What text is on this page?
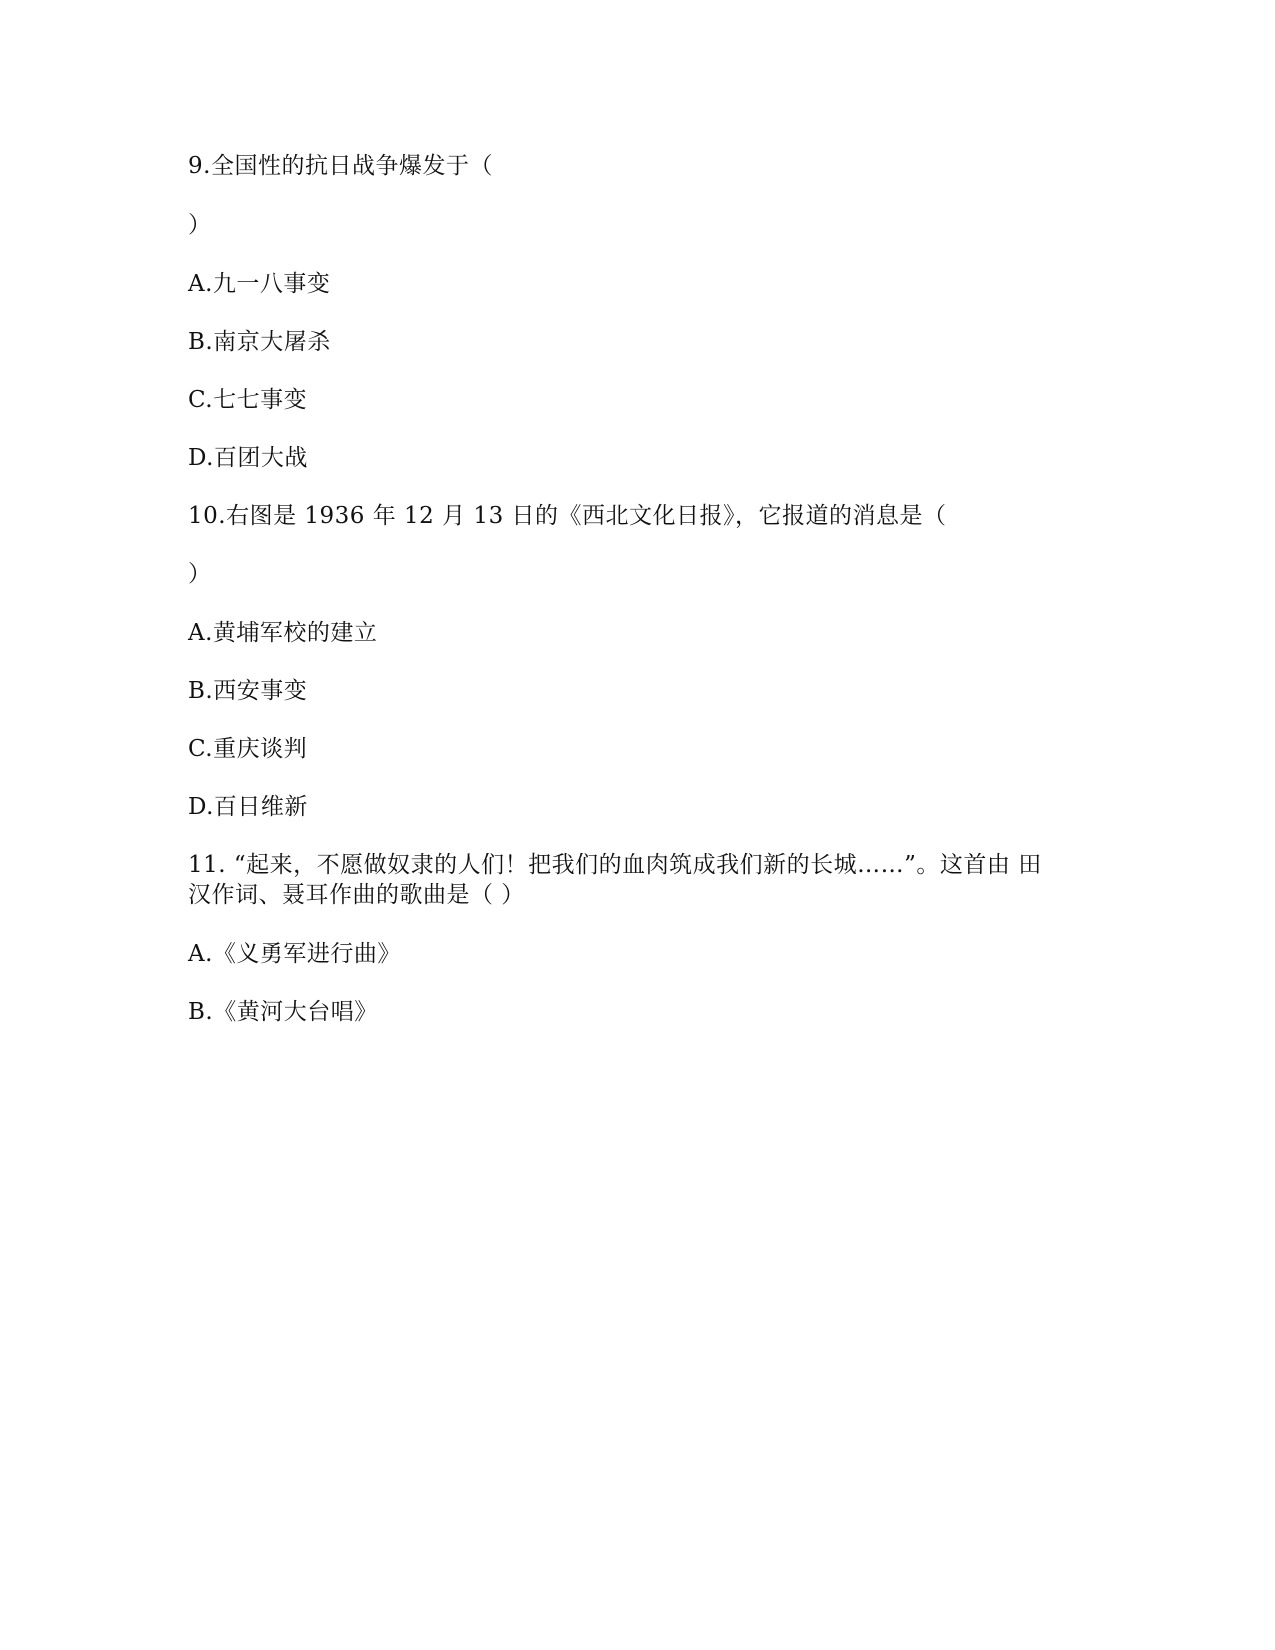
9.全国性的抗日战争爆发于（
）
A.九一八事变
B.南京大屠杀
C.七七事变
D.百团大战
10.右图是 1936 年 12 月 13 日的《西北文化日报》，它报道的消息是（
）
A.黄埔军校的建立
B.西安事变
C.重庆谈判
D.百日维新
11. “起来，不愿做奴隶的人们！把我们的血肉筑成我们新的长城……”。这首由 田
汉作词、聂耳作曲的歌曲是（ ）
A.《义勇军进行曲》
B.《黄河大台唱》
